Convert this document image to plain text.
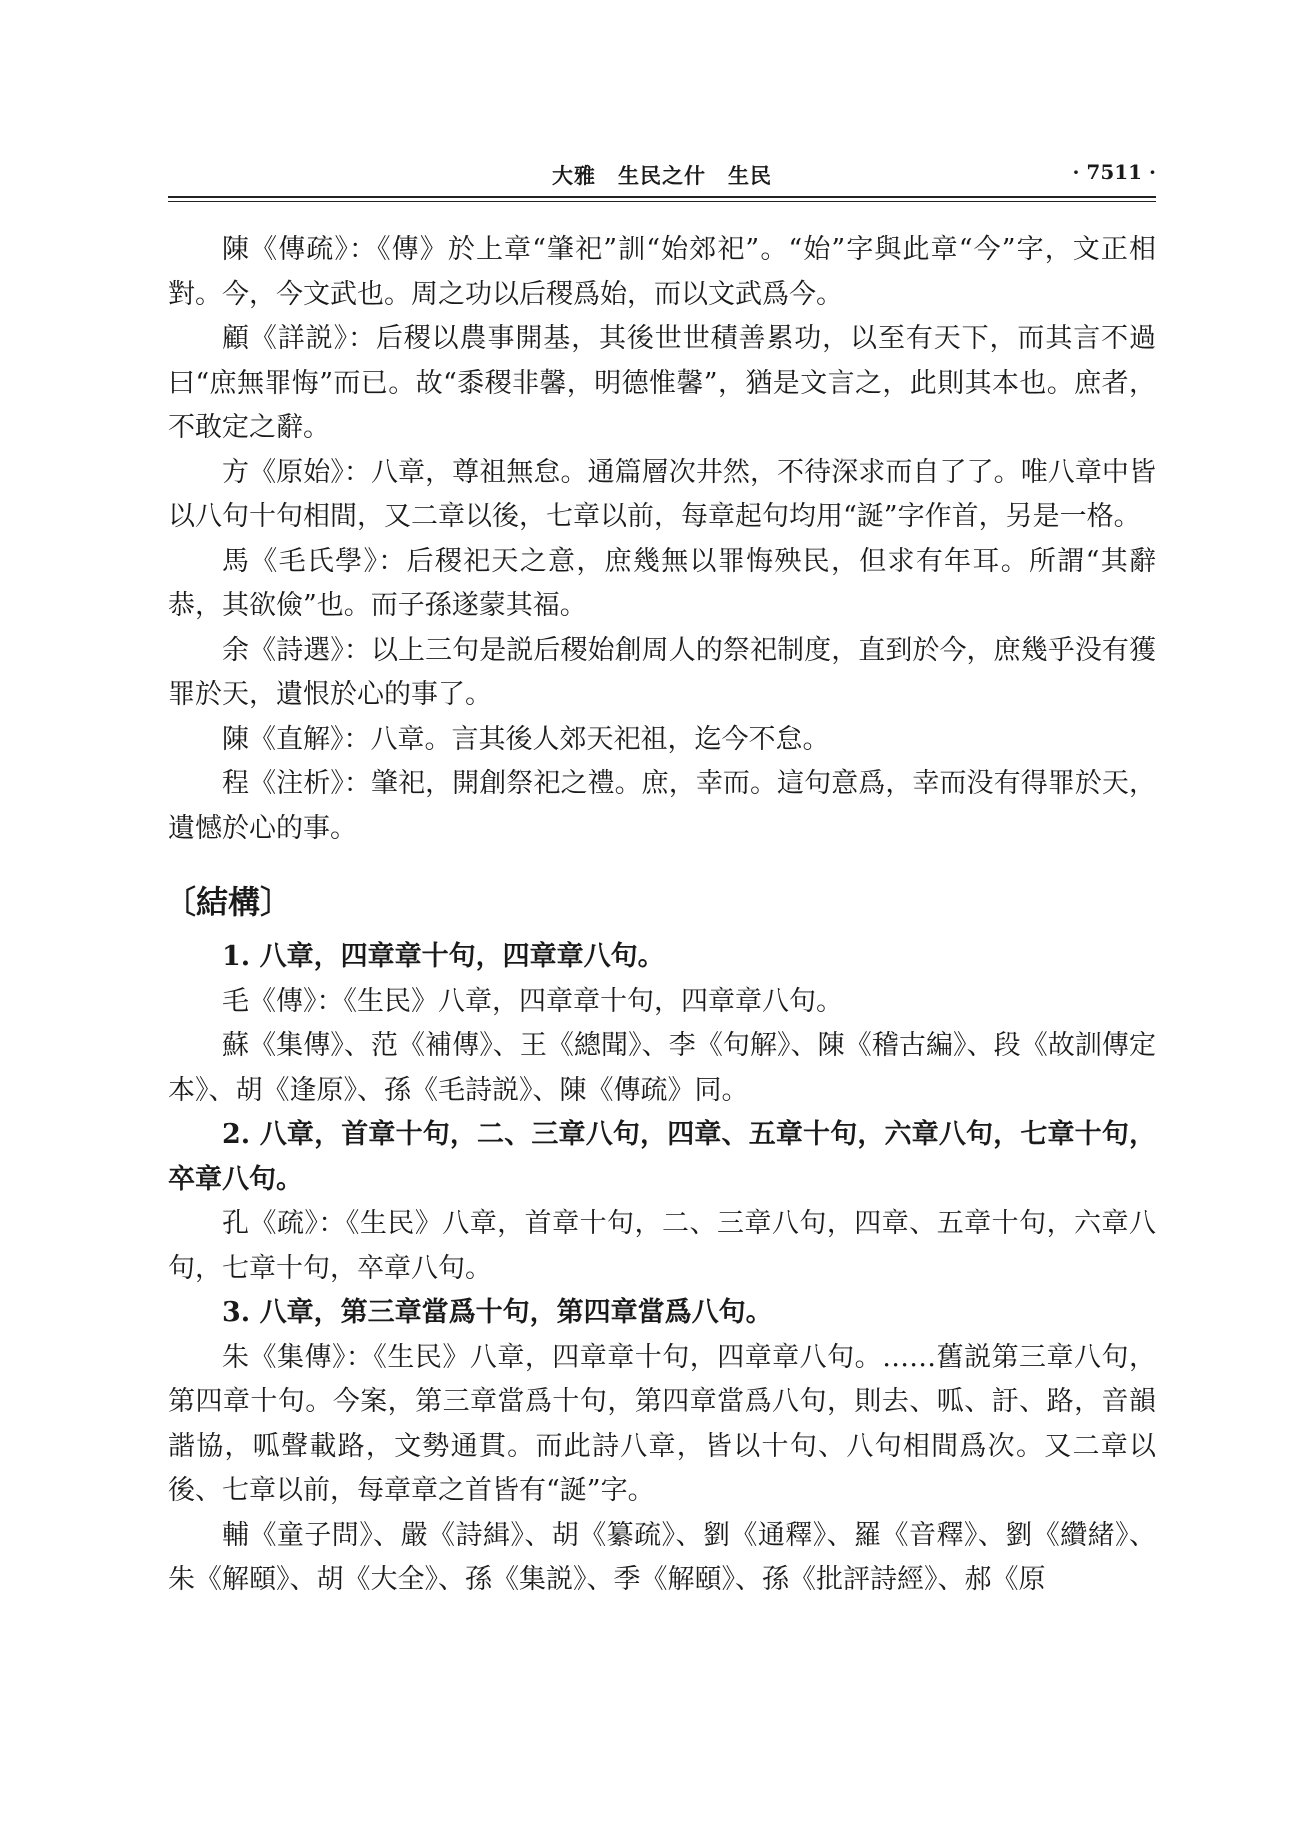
大雅　生民之什　生民	· 7511 ·

陳《傳疏》：《傳》於上章“肇祀”訓“始郊祀”。“始”字與此章“今”字，文正相對。今，今文武也。周之功以后稷爲始，而以文武爲今。

顧《詳説》：后稷以農事開基，其後世世積善累功，以至有天下，而其言不過曰“庶無罪悔”而已。故“黍稷非馨，明德惟馨”，猶是文言之，此則其本也。庶者，不敢定之辭。

方《原始》：八章，尊祖無怠。通篇層次井然，不待深求而自了了。唯八章中皆以八句十句相間，又二章以後，七章以前，每章起句均用“誕”字作首，另是一格。

馬《毛氏學》：后稷祀天之意，庶幾無以罪悔殃民，但求有年耳。所謂“其辭恭，其欲儉”也。而子孫遂蒙其福。

余《詩選》：以上三句是説后稷始創周人的祭祀制度，直到於今，庶幾乎没有獲罪於天，遺恨於心的事了。

陳《直解》：八章。言其後人郊天祀祖，迄今不怠。

程《注析》：肇祀，開創祭祀之禮。庶，幸而。這句意爲，幸而没有得罪於天，遺憾於心的事。

〔結構〕

1. 八章，四章章十句，四章章八句。

毛《傳》：《生民》八章，四章章十句，四章章八句。

蘇《集傳》、范《補傳》、王《總聞》、李《句解》、陳《稽古編》、段《故訓傳定本》、胡《逢原》、孫《毛詩説》、陳《傳疏》同。

2. 八章，首章十句，二、三章八句，四章、五章十句，六章八句，七章十句，卒章八句。

孔《疏》：《生民》八章，首章十句，二、三章八句，四章、五章十句，六章八句，七章十句，卒章八句。

3. 八章，第三章當爲十句，第四章當爲八句。

朱《集傳》：《生民》八章，四章章十句，四章章八句。……舊説第三章八句，第四章十句。今案，第三章當爲十句，第四章當爲八句，則去、呱、訏、路，音韻諧協，呱聲載路，文勢通貫。而此詩八章，皆以十句、八句相間爲次。又二章以後、七章以前，每章章之首皆有“誕”字。

輔《童子問》、嚴《詩緝》、胡《纂疏》、劉《通釋》、羅《音釋》、劉《纘緒》、朱《解頤》、胡《大全》、孫《集説》、季《解頤》、孫《批評詩經》、郝《原
